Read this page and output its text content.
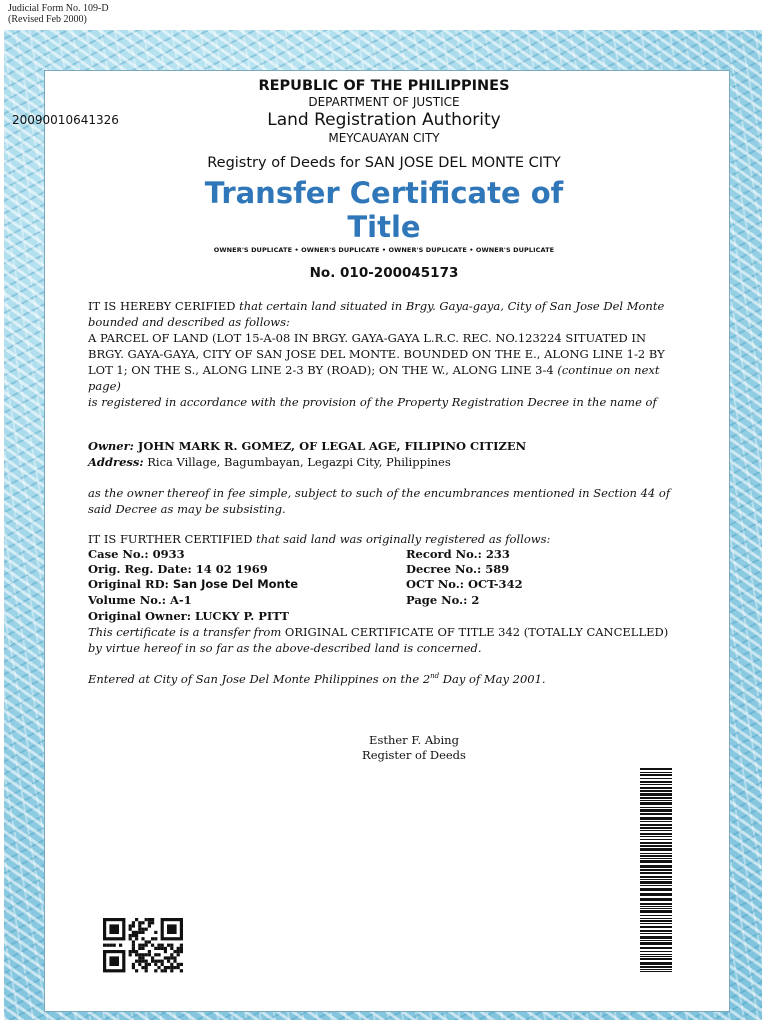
Judicial Form No. 109-D
(Revised Feb 2000)
REPUBLIC OF THE PHILIPPINES
DEPARTMENT OF JUSTICE
Land Registration Authority
MEYCAUAYAN CITY
Registry of Deeds for SAN JOSE DEL MONTE CITY
20090010641326
Transfer Certificate of
Title
OWNER'S DUPLICATE • OWNER'S DUPLICATE • OWNER'S DUPLICATE • OWNER'S DUPLICATE
No. 010-200045173

IT IS HEREBY CERIFIED that certain land situated in Brgy. Gaya-gaya, City of San Jose Del Monte bounded and described as follows:
A PARCEL OF LAND (LOT 15-A-08 IN BRGY. GAYA-GAYA L.R.C. REC. NO.123224 SITUATED IN BRGY. GAYA-GAYA, CITY OF SAN JOSE DEL MONTE. BOUNDED ON THE E., ALONG LINE 1-2 BY LOT 1; ON THE S., ALONG LINE 2-3 BY (ROAD); ON THE W., ALONG LINE 3-4 (continue on next page)
is registered in accordance with the provision of the Property Registration Decree in the name of

Owner: JOHN MARK R. GOMEZ, OF LEGAL AGE, FILIPINO CITIZEN
Address: Rica Village, Bagumbayan, Legazpi City, Philippines

as the owner thereof in fee simple, subject to such of the encumbrances mentioned in Section 44 of said Decree as may be subsisting.

IT IS FURTHER CERTIFIED that said land was originally registered as follows:

Case No.: 0933	Record No.: 233
Orig. Reg. Date: 14 02 1969	Decree No.: 589
Original RD: San Jose Del Monte	OCT No.: OCT-342
Volume No.: A-1	Page No.: 2
Original Owner: LUCKY P. PITT

This certificate is a transfer from ORIGINAL CERTIFICATE OF TITLE 342 (TOTALLY CANCELLED) by virtue hereof in so far as the above-described land is concerned.

Entered at City of San Jose Del Monte Philippines on the 2nd Day of May 2001.

Esther F. Abing
Register of Deeds
